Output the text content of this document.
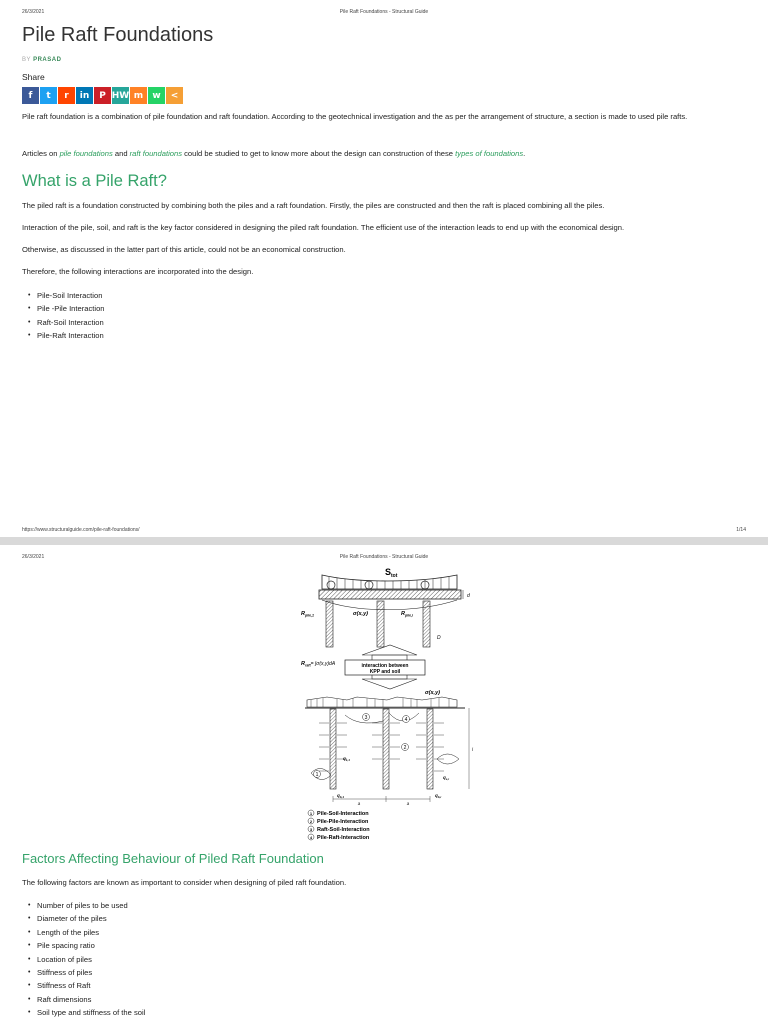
26/3/2021	Pile Raft Foundations - Structural Guide
Pile Raft Foundations
BY PRASAD
Share
f	t	r	in	P HW m	w	<
Pile raft foundation is a combination of pile foundation and raft foundation. According to the geotechnical investigation and the as per the arrangement of structure, a section is made to used pile rafts.
Articles on pile foundations and raft foundations could be studied to get to know more about the design can construction of these types of foundations.
What is a Pile Raft?
The piled raft is a foundation constructed by combining both the piles and a raft foundation. Firstly, the piles are constructed and then the raft is placed combining all the piles.
Interaction of the pile, soil, and raft is the key factor considered in designing the piled raft foundation. The efficient use of the interaction leads to end up with the economical design.
Otherwise, as discussed in the latter part of this article, could not be an economical construction.
Therefore, the following interactions are incorporated into the design.
• Pile-Soil Interaction
• Pile -Pile Interaction
• Raft-Soil Interaction
• Pile-Raft Interaction
https://www.structuralguide.com/pile-raft-foundations/	1/14
26/3/2021	Pile Raft Foundations - Structural Guide
$S_{tot}$
d
$R_{pile,1}$	σ(x,y)	$R_{pile,i}$
D
$R_{raft}= \int\sigma(x,y)dA$	interaction between
KPP and soil
σ(x,y)
1
2
3	4
$q_{s,1}$
$q_{s,i}$
$q_{b,1}$	$q_{b,i}$
l
a	a
1 Pile-Soil-Interaction
2 Pile-Pile-Interaction
3 Raft-Soil-Interaction
4 Pile-Raft-Interaction
Factors Affecting Behaviour of Piled Raft Foundation
The following factors are known as important to consider when designing of piled raft foundation.
• Number of piles to be used
• Diameter of the piles
• Length of the piles
• Pile spacing ratio
• Location of piles
• Stiffness of piles
• Stiffness of Raft
• Raft dimensions
• Soil type and stiffness of the soil
